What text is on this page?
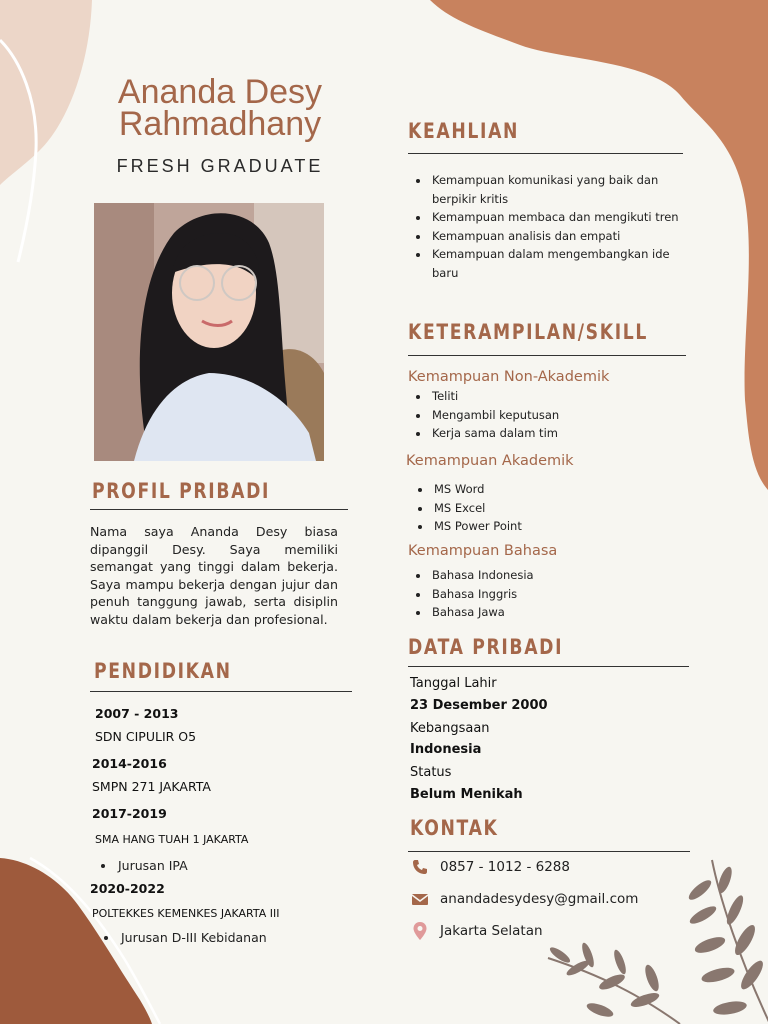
Ananda Desy
Rahmadhany
FRESH GRADUATE
KEAHLIAN
• Kemampuan komunikasi yang baik dan berpikir kritis
• Kemampuan membaca dan mengikuti tren
• Kemampuan analisis dan empati
• Kemampuan dalam mengembangkan ide baru
KETERAMPILAN/SKILL
Kemampuan Non-Akademik
• Teliti
• Mengambil keputusan
• Kerja sama dalam tim
Kemampuan Akademik
• MS Word
• MS Excel
• MS Power Point
Kemampuan Bahasa
• Bahasa Indonesia
• Bahasa Inggris
• Bahasa Jawa
PROFIL PRIBADI
Nama saya Ananda Desy biasa dipanggil Desy. Saya memiliki semangat yang tinggi dalam bekerja. Saya mampu bekerja dengan jujur dan penuh tanggung jawab, serta disiplin waktu dalam bekerja dan profesional.
PENDIDIKAN
2007 - 2013
SDN CIPULIR O5
2014-2016
SMPN 271 JAKARTA
2017-2019
SMA HANG TUAH 1 JAKARTA
• Jurusan IPA
2020-2022
POLTEKKES KEMENKES JAKARTA III
• Jurusan D-III Kebidanan
DATA PRIBADI
Tanggal Lahir
23 Desember 2000
Kebangsaan
Indonesia
Status
Belum Menikah
KONTAK
0857 - 1012 - 6288
anandadesydesy@gmail.com
Jakarta Selatan
